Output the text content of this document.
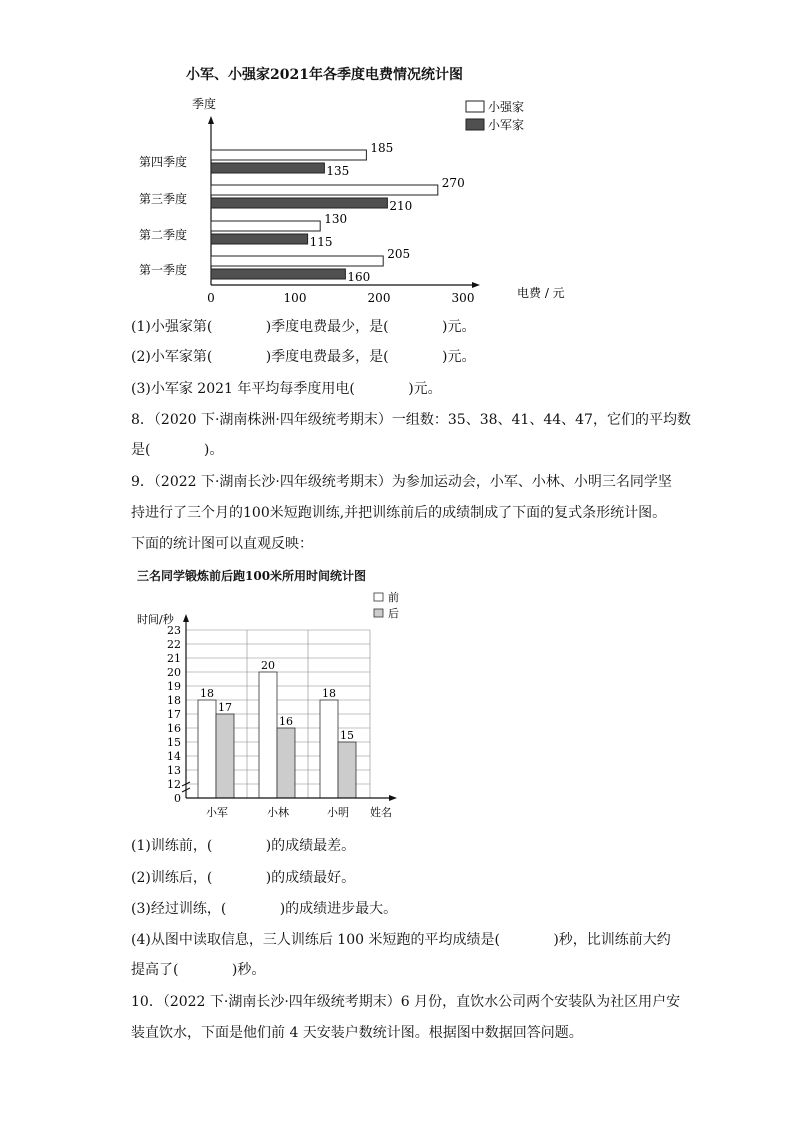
小军、小强家2021年各季度电费情况统计图
季度	小强家
小军家
电费 / 元
第四季度
第三季度
第二季度
第一季度
0	100	200	300
185
135
270
210
130
115
205
160
(1)小强家第(            )季度电费最少，是(            )元。
(2)小军家第(            )季度电费最多，是(            )元。
(3)小军家 2021 年平均每季度用电(            )元。
8．（2020 下·湖南株洲·四年级统考期末）一组数：35、38、41、44、47，它们的平均数
是(            )。
9．（2022 下·湖南长沙·四年级统考期末）为参加运动会，小军、小林、小明三名同学坚
持进行了三个月的100米短跑训练,并把训练前后的成绩制成了下面的复式条形统计图。
下面的统计图可以直观反映：
三名同学锻炼前后跑100米所用时间统计图
时间/秒
前
后
18
17
20
16
18
15
姓名
小军	小林	小明
0
12
13
14
15
16
17
18
19
20
21
22
23
(1)训练前，(            )的成绩最差。
(2)训练后，(            )的成绩最好。
(3)经过训练，(            )的成绩进步最大。
(4)从图中读取信息，三人训练后 100 米短跑的平均成绩是(            )秒，比训练前大约
提高了(            )秒。
10．（2022 下·湖南长沙·四年级统考期末）6 月份，直饮水公司两个安装队为社区用户安
装直饮水，下面是他们前 4 天安装户数统计图。根据图中数据回答问题。
